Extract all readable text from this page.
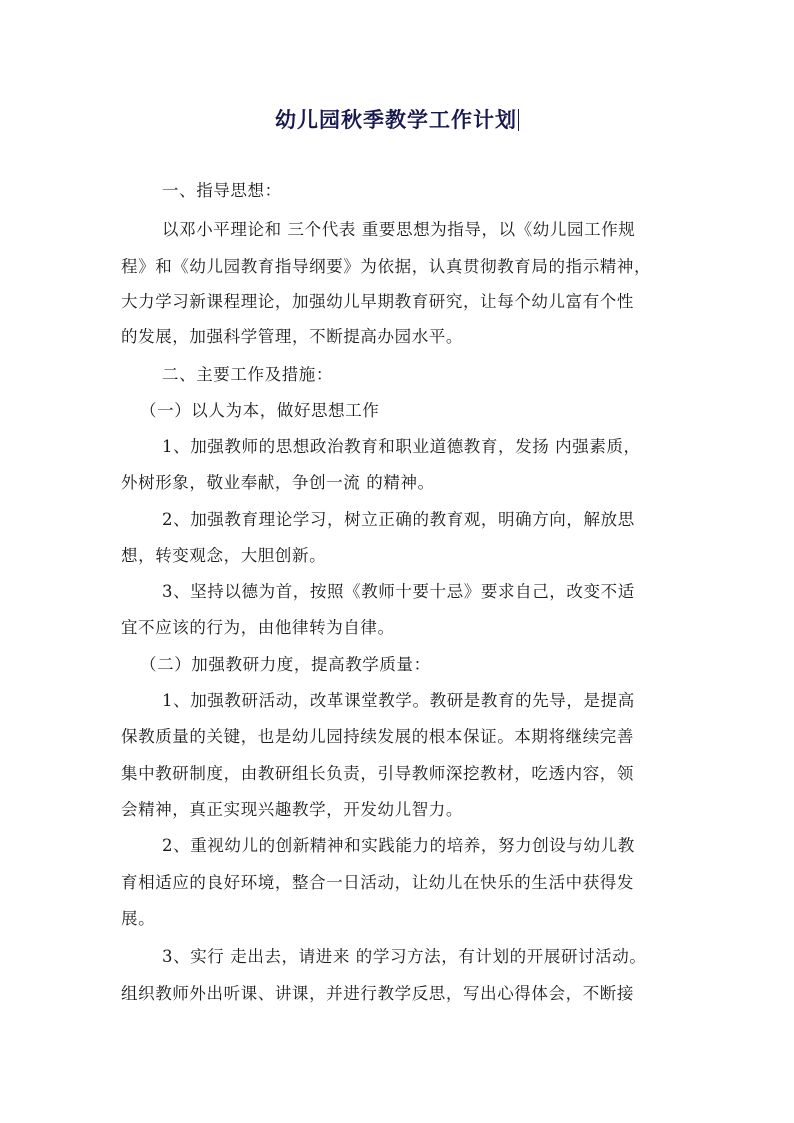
幼儿园秋季教学工作计划
一、指导思想：
以邓小平理论和 三个代表 重要思想为指导，以《幼儿园工作规
程》和《幼儿园教育指导纲要》为依据，认真贯彻教育局的指示精神，
大力学习新课程理论，加强幼儿早期教育研究，让每个幼儿富有个性
的发展，加强科学管理，不断提高办园水平。
二、主要工作及措施：
（一）以人为本，做好思想工作
1、加强教师的思想政治教育和职业道德教育，发扬 内强素质，
外树形象，敬业奉献，争创一流 的精神。
2、加强教育理论学习，树立正确的教育观，明确方向，解放思
想，转变观念，大胆创新。
3、坚持以德为首，按照《教师十要十忌》要求自己，改变不适
宜不应该的行为，由他律转为自律。
（二）加强教研力度，提高教学质量：
1、加强教研活动，改革课堂教学。教研是教育的先导，是提高
保教质量的关键，也是幼儿园持续发展的根本保证。本期将继续完善
集中教研制度，由教研组长负责，引导教师深挖教材，吃透内容，领
会精神，真正实现兴趣教学，开发幼儿智力。
2、重视幼儿的创新精神和实践能力的培养，努力创设与幼儿教
育相适应的良好环境，整合一日活动，让幼儿在快乐的生活中获得发
展。
3、实行 走出去，请进来 的学习方法，有计划的开展研讨活动。
组织教师外出听课、讲课，并进行教学反思，写出心得体会，不断接
